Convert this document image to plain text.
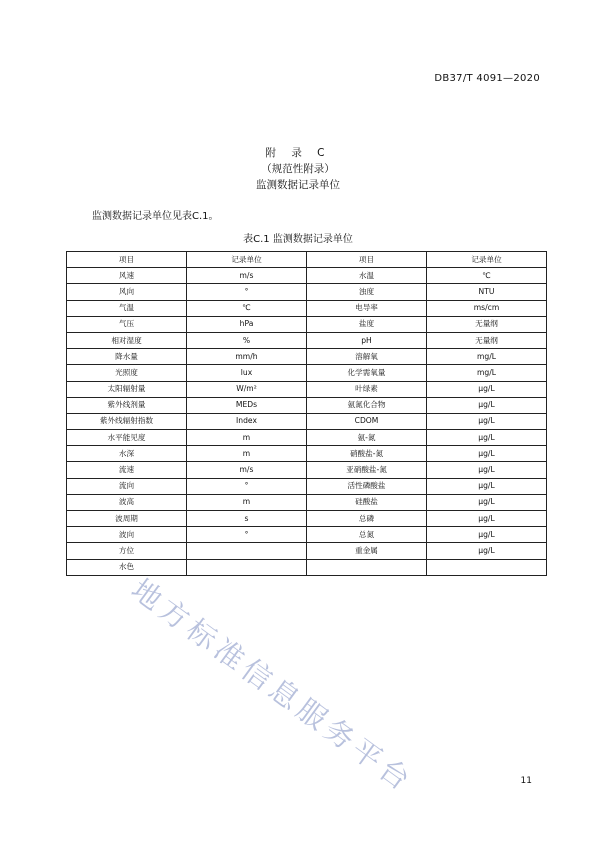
DB37/T 4091—2020
附 录 C
（规范性附录）
监测数据记录单位
监测数据记录单位见表C.1。
表C.1 监测数据记录单位
项目	记录单位	项目	记录单位
风速	m/s	水温	℃
风向	°	浊度	NTU
气温	℃	电导率	ms/cm
气压	hPa	盐度	无量纲
相对湿度	%	pH	无量纲
降水量	mm/h	溶解氧	mg/L
光照度	lux	化学需氧量	mg/L
太阳辐射量	W/m²	叶绿素	μg/L
紫外线剂量	MEDs	氨氮化合物	μg/L
紫外线辐射指数	Index	CDOM	μg/L
水平能见度	m	氨-氮	μg/L
水深	m	硝酸盐-氮	μg/L
流速	m/s	亚硝酸盐-氮	μg/L
流向	°	活性磷酸盐	μg/L
波高	m	硅酸盐	μg/L
波周期	s	总磷	μg/L
波向	°	总氮	μg/L
方位		重金属	μg/L
水色			
地方标准信息服务平台	11
